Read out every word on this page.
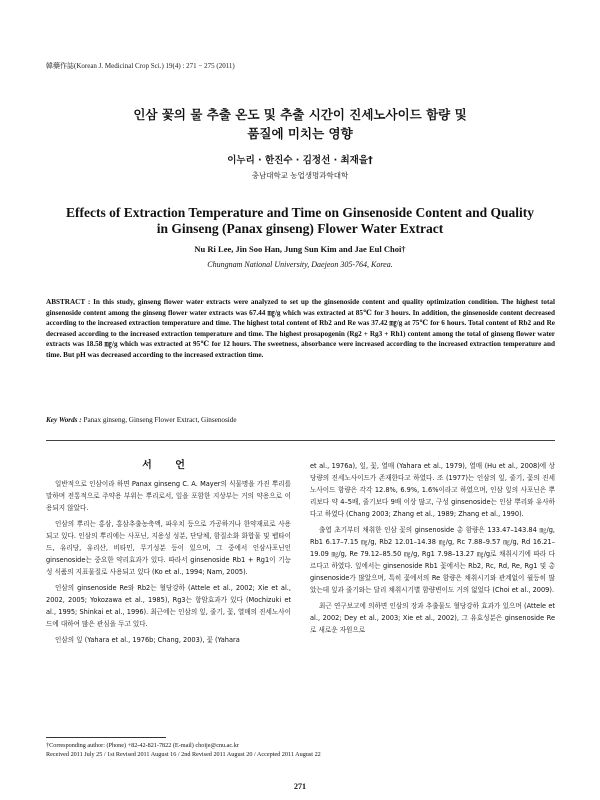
韓藥作誌(Korean J. Medicinal Crop Sci.) 19(4) : 271 − 275 (2011)
인삼 꽃의 물 추출 온도 및 추출 시간이 진세노사이드 함량 및
품질에 미치는 영향
이누리 · 한진수 · 김정선 · 최재을†
충남대학교 농업생명과학대학
Effects of Extraction Temperature and Time on Ginsenoside Content and Quality
in Ginseng (Panax ginseng) Flower Water Extract
Nu Ri Lee, Jin Soo Han, Jung Sun Kim and Jae Eul Choi†
Chungnam National University, Daejeon 305-764, Korea.

ABSTRACT : In this study, ginseng flower water extracts were analyzed to set up the ginsenoside content and quality optimization condition. The highest total ginsenoside content among the ginseng flower water extracts was 67.44 ㎎/g which was extracted at 85℃ for 3 hours. In addition, the ginsenoside content decreased according to the increased extraction temperature and time. The highest total content of Rb2 and Re was 37.42 ㎎/g at 75℃ for 6 hours. Total content of Rb2 and Re decreased according to the increased extraction temperature and time. The highest prosapogenin (Rg2 + Rg3 + Rh1) content among the total of ginseng flower water extracts was 18.58 ㎎/g which was extracted at 95℃ for 12 hours. The sweetness, absorbance were increased according to the increased extraction temperature and time. But pH was decreased according to the increased extraction time.

Key Words : Panax ginseng, Ginseng Flower Extract, Ginsenoside

서 언

일반적으로 인삼이라 하면 Panax ginseng C. A. Mayer의 식물명을 가진 뿌리를 말하며 전통적으로 주약용 부위는 뿌리로서, 잎을 포함한 지상부는 거의 약용으로 이용되지 않았다.

인삼의 뿌리는 홍삼, 홍삼추출농축액, 파우치 등으로 가공하거나 한약재료로 사용되고 있다. 인삼의 뿌리에는 사포닌, 지용성 성분, 단당체, 함질소화 화합물 및 펩타이드, 유리당, 유리산, 비타민, 무기성분 등이 있으며, 그 중에서 인삼사포닌인 ginsenoside는 중요한 약리효과가 있다. 따라서 ginsenoside Rb1 + Rg1이 기능성 식품의 지표물질로 사용되고 있다 (Ko et al., 1994; Nam, 2005).

인삼의 ginsenoside Re와 Rb2는 혈당강하 (Attele et al., 2002; Xie et al., 2002, 2005; Yokozawa et al., 1985), Rg3는 항암효과가 있다 (Mochizuki et al., 1995; Shinkai et al., 1996). 최근에는 인삼의 잎, 줄기, 꽃, 열매의 진세노사이드에 대하여 많은 관심을 두고 있다.

인삼의 잎 (Yahara et al., 1976b; Chang, 2003), 꽃 (Yahara

et al., 1976a), 잎, 꽃, 열매 (Yahara et al., 1979), 열매 (Hu et al., 2008)에 상당량의 진세노사이드가 존재한다고 하였다. 조 (1977)는 인삼의 잎, 줄기, 꽃의 진세노사이드 함량은 각각 12.8%, 6.9%, 1.6%이라고 하였으며, 인삼 잎의 사포닌은 뿌리보다 약 4–5배, 줄기보다 9배 이상 많고, 구성 ginsenoside는 인삼 뿌리와 유사하다고 하였다 (Chang 2003; Zhang et al., 1989; Zhang et al., 1990).

출엽 초기부터 채취한 인삼 꽃의 ginsenoside 총 함량은 133.47–143.84 ㎎/g, Rb1 6.17–7.15 ㎎/g, Rb2 12.01–14.38 ㎎/g, Rc 7.88–9.57 ㎎/g, Rd 16.21–19.09 ㎎/g, Re 79.12–85.50 ㎎/g, Rg1 7.98–13.27 ㎎/g로 채취시기에 따라 다르다고 하였다. 잎에서는 ginsenoside Rb1 꽃에서는 Rb2, Rc, Rd, Re, Rg1 및 총 ginsenoside가 많았으며, 특히 꽃에서의 Re 함량은 채취시기와 관계없이 월등히 많았는데 잎과 줄기와는 달리 채취시기별 함량변이도 거의 없었다 (Choi et al., 2009).

최근 연구보고에 의하면 인삼의 장과 추출물도 혈당강하 효과가 있으며 (Attele et al., 2002; Dey et al., 2003; Xie et al., 2002), 그 유효성분은 ginsenoside Re로 새로운 자원으로

†Corresponding author: (Phone) +82-42-821-7822 (E-mail) choije@cnu.ac.kr
Received 2011 July 25 / 1st Revised 2011 August 16 / 2nd Revised 2011 August 20 / Accepted 2011 August 22
271
